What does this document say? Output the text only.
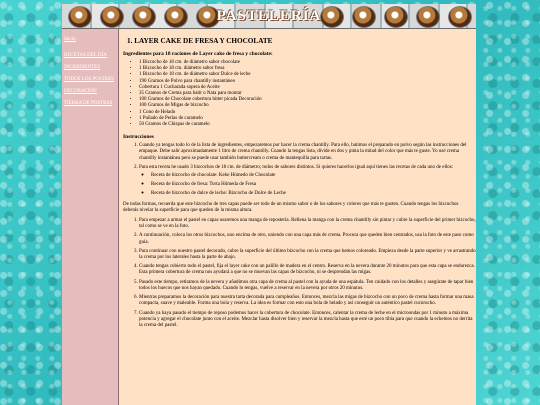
PASTELERÍA
Inicio
RECETAS DEL DÍA
INGREDIENTES
TODOS LOS POSTRES
DECORACIÓN
TIERRA DE POSTRES
1. LAYER CAKE DE FRESA Y CHOCOLATE
Ingredientes para 18 raciones de Layer cake de fresa y chocolate:
• 1 Bizcocho de 18 cm. de diámetro sabor chocolate
• 1 Bizcocho de 18 cm. diámetro sabor fresa
• 1 Bizcocho de 18 cm. de diámetro sabor Dulce de leche
• 190 Gramos de Polvo para chantilly instantáneo
• Cobertura 1 Cucharada sopera de Aceite
• 35 Gramos de Crema para batir o Nata para montar
• 100 Gramos de Chocolate cobertura bitter picada Decoración
• 100 Gramos de Migas de bizcocho
• 1 Cono de Helado
• 1 Puñado de Perlas de caramelo
• 50 Gramos de Chispas de caramelo
Instrucciones
1. Cuando ya tengas todo lo de la lista de ingredientes, empezaremos por hacer la crema chantilly. Para ello, batimos el preparado en polvo según las instrucciones del empaque. Debe salir aproximadamente 1 litro de crema chantilly. Cuando la tengas lista, divide en dos y pinta la mitad del color que más te guste. Yo usé crema chantilly instantánea pero se puede usar también buttercream o crema de mantequilla para tartas.
2. Para esta receta he usado 3 bizcochos de 18 cm. de diámetro; todos de sabores distintos. Si quieres hacerlos igual aquí tienes las recetas de cada uno de ellos:
◦ Receta de bizcocho de chocolate: Keke Húmedo de Chocolate
◦ Receta de bizcocho de fresa: Torta Húmeda de Fresa
◦ Receta de bizcocho de dulce de leche: Bizcocho de Dulce de Leche

De todas formas, recuerda que este bizcocho de tres capas puede ser todo de un mismo sabor o de los sabores y colores que más te gusten. Cuando tengas los bizcochos deberás nivelar la superficie para que queden de la misma altura.

1. Para empezar a armar el pastel en capas usaremos una manga de repostería. Rellena la manga con la crema chantilly sin pintar y cubre la superficie del primer bizcocho, tal como se ve en la foto.
2. A continuación, coloca los otros bizcochos, uno encima de otro, uniendo con una capa más de crema. Procura que queden bien centrados, usa la foto de este paso como guía.
3. Para continuar con nuestro pastel decorado, cubre la superficie del último bizcocho con la crema que hemos coloreado. Empieza desde la parte superior y ve arrastrando la crema por los laterales hasta la parte de abajo.
4. Cuando tengas cubierto todo el pastel, fija el layer cake con un palillo de madera en el centro. Reserva en la nevera durante 20 minutos para que esta capa se endurezca. Esta primera cobertura de crema nos ayudará a que no se muevan las capas de bizcocho, ni se desprendan las migas.
5. Pasado este tiempo, retiramos de la nevera y añadimos otra capa de crema al pastel con la ayuda de una espátula. Ten cuidado con los detalles y asegúrate de tapar bien todos los huecos que nos hayan quedado. Cuando lo tengas, vuelve a reservar en la nevera por otros 20 minutos.
6. Mientras preparamos la decoración para nuestra tarta decorada para cumpleaños. Entonces, mezcla las migas de bizcocho con un poco de crema hasta formar una masa compacta, suave y maleable. Forma una bola y reserva. La idea es formar con esto una bola de helado y así conseguir un auténtico pastel cucurucho.
7. Cuando ya haya pasado el tiempo de reposo podemos hacer la cobertura de chocolate. Entonces, calentar la crema de leche en el microondas por 1 minuto a máxima potencia y agregar el chocolate junto con el aceite. Mezclar hasta disolver bien y reservar la mezcla hasta que esté un poco tibia para que cuando la echemos no derrita la crema del pastel.
